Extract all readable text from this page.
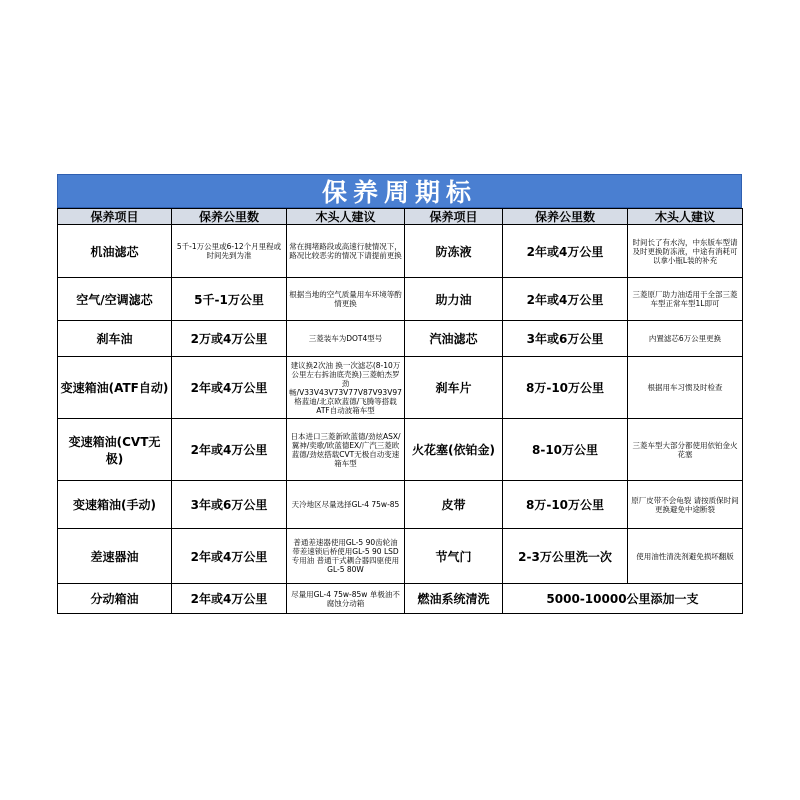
保养周期标
保养项目	保养公里数	木头人建议	保养项目	保养公里数	木头人建议
机油滤芯	5千-1万公里或6-12个月里程或时间先到为准	常在拥堵路段或高速行驶情况下，路况比较恶劣的情况下请提前更换	防冻液	2年或4万公里	时间长了有水沟，中东版车型请及时更换防冻液，中途有消耗可以拿小瓶L装的补充
空气/空调滤芯	5千-1万公里	根据当地的空气质量用车环境等酌情更换	助力油	2年或4万公里	三菱原厂助力油适用于全部三菱车型正常车型1L即可
刹车油	2万或4万公里	三菱装车为DOT4型号	汽油滤芯	3年或6万公里	内置滤芯6万公里更换
变速箱油(ATF自动)	2年或4万公里	建议换2次油 换一次滤芯(8-10万公里左右拆油底壳换)三菱帕杰罗劲畅/V33V43V73V77V87V93V97格蓝迪/北京欧蓝德/飞腾等搭载ATF自动波箱车型	刹车片	8万-10万公里	根据用车习惯及时检查
变速箱油(CVT无极)	2年或4万公里	日本进口三菱新欧蓝德/劲炫ASX/翼神/奕歌/欧蓝德EX/广汽三菱欧蓝德/劲炫搭载CVT无极自动变速箱车型	火花塞(依铂金)	8-10万公里	三菱车型大部分都使用依铂金火花塞
变速箱油(手动)	3年或6万公里	天冷地区尽量选择GL-4 75w-85	皮带	8万-10万公里	原厂皮带不会龟裂 请按质保时间更换避免中途断裂
差速器油	2年或4万公里	普通差速器使用GL-5 90齿轮油 带差速锁后桥使用GL-5 90 LSD专用油 普通干式耦合器四驱使用GL-5 80W	节气门	2-3万公里洗一次	使用油性清洗剂避免损坏翻版
分动箱油	2年或4万公里	尽量用GL-4 75w-85w 单极油不腐蚀分动箱	燃油系统清洗	5000-10000公里添加一支	
